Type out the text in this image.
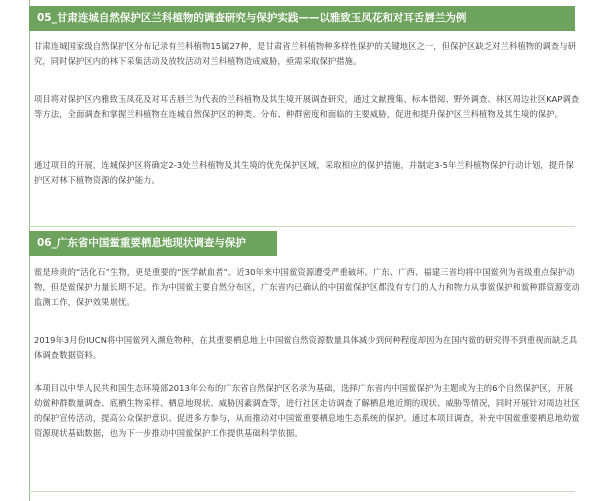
05_甘肃连城自然保护区兰科植物的调查研究与保护实践——以雅致玉凤花和对耳舌唇兰为例

甘肃连城国家级自然保护区分布记录有兰科植物15属27种，是甘肃省兰科植物种多样性保护的关键地区之一，但保护区缺乏对兰科植物的调查与研究，同时保护区内的林下采集活动及放牧活动对兰科植物造成威胁，亟需采取保护措施。

项目将对保护区内雅致玉凤花及对耳舌唇兰为代表的兰科植物及其生境开展调查研究，通过文献搜集、标本借阅、野外调查、林区周边社区KAP调查等方法，全面调查和掌握兰科植物在连城自然保护区的种类、分布、种群密度和面临的主要威胁，促进和提升保护区兰科植物及其生境的保护。

通过项目的开展，连城保护区将确定2-3处兰科植物及其生境的优先保护区域，采取相应的保护措施，并制定3-5年兰科植物保护行动计划，提升保护区对林下植物资源的保护能力。

06_广东省中国鲎重要栖息地现状调查与保护

鲎是珍贵的“活化石”生物，更是重要的“医学献血者”。近30年来中国鲎资源遭受严重破坏。广东、广西、福建三省均将中国鲎列为省级重点保护动物，但是鲎保护力量长期不足。作为中国鲎主要自然分布区，广东省内已确认的中国鲎保护区都没有专门的人力和物力从事鲎保护和鲎种群资源变动监测工作，保护效果堪忧。

2019年3月份IUCN将中国鲎列入濒危物种，在其重要栖息地上中国鲎自然资源数量具体减少到何种程度却因为在国内鲎的研究得不到重视而缺乏具体调查数据资料。

本项目以中华人民共和国生态环境部2013年公布的广东省自然保护区名录为基础，选择广东省内中国鲎保护为主题或为主的6个自然保护区，开展幼鲎种群数量调查、底栖生物采样、栖息地现状、威胁因素调查等，进行社区走访调查了解栖息地近期的现状、威胁等情况，同时开展针对周边社区的保护宣传活动，提高公众保护意识、促进多方参与，从而推动对中国鲎重要栖息地生态系统的保护。通过本项目调查，补充中国鲎重要栖息地幼鲎资源现状基础数据，也为下一步推动中国鲎保护工作提供基础科学依据。
